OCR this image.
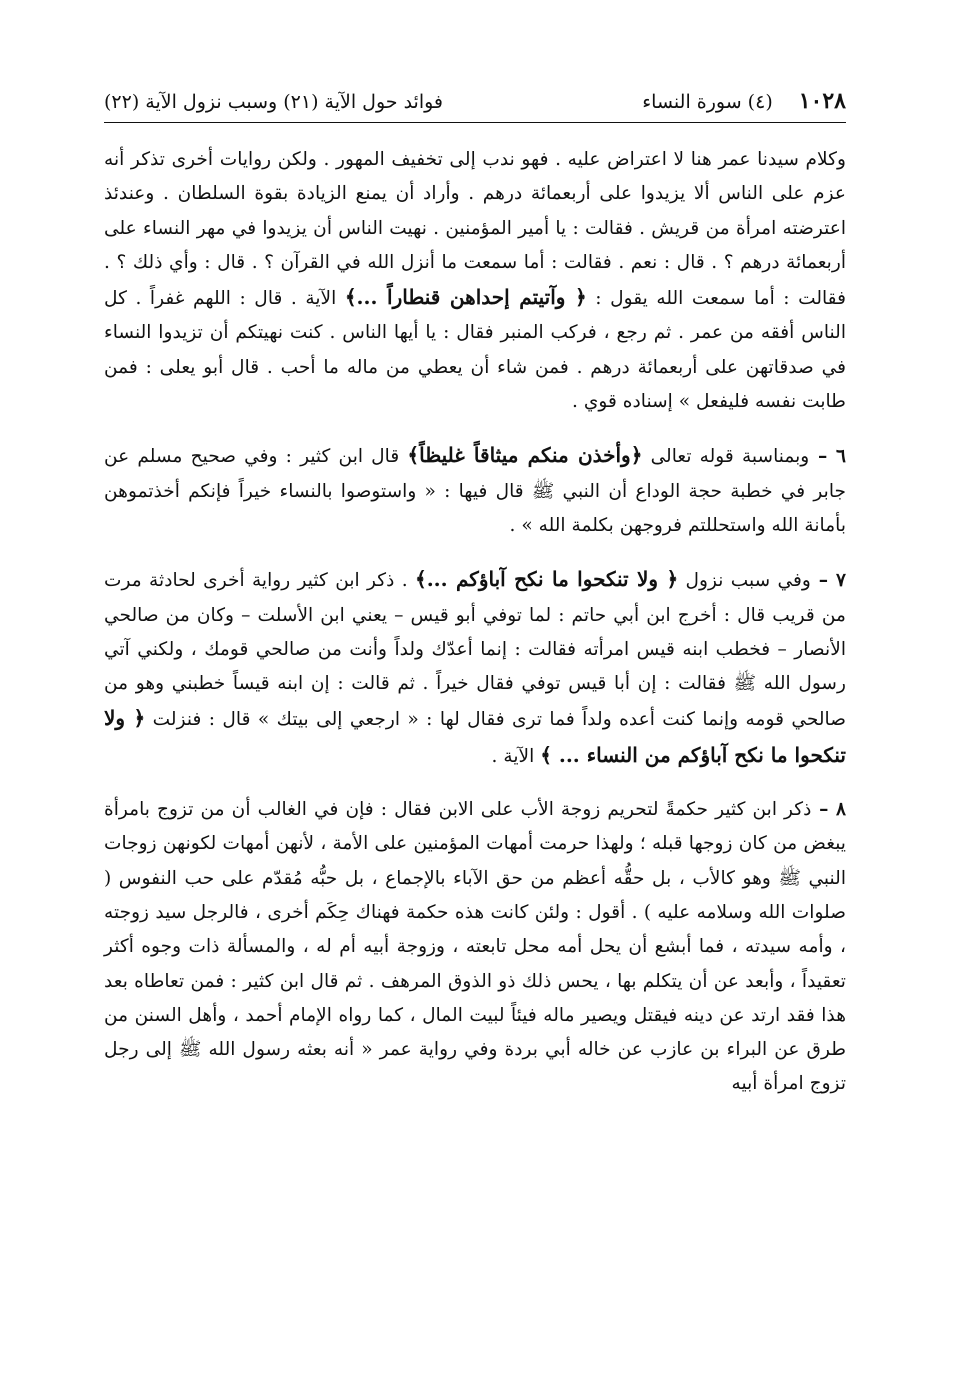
١٠٢٨
(٤) سورة النساء
فوائد حول الآية (٢١) وسبب نزول الآية (٢٢)

وكلام سيدنا عمر هنا لا اعتراض عليه . فهو ندب إلى تخفيف المهور . ولكن روايات أخرى تذكر أنه عزم على الناس ألا يزيدوا على أربعمائة درهم . وأراد أن يمنع الزيادة بقوة السلطان . وعندئذ اعترضته امرأة من قريش . فقالت : يا أمير المؤمنين . نهيت الناس أن يزيدوا في مهر النساء على أربعمائة درهم ؟ . قال : نعم . فقالت : أما سمعت ما أنزل الله في القرآن ؟ . قال : وأي ذلك ؟ . فقالت : أما سمعت الله يقول : ﴿ وآتيتم إحداهن قنطاراً ...﴾ الآية . قال : اللهم غفراً . كل الناس أفقه من عمر . ثم رجع ، فركب المنبر فقال : يا أيها الناس . كنت نهيتكم أن تزيدوا النساء في صدقاتهن على أربعمائة درهم . فمن شاء أن يعطي من ماله ما أحب . قال أبو يعلى : فمن طابت نفسه فليفعل » إسناده قوي .

٦ – وبمناسبة قوله تعالى ﴿وأخذن منكم ميثاقاً غليظاً﴾ قال ابن كثير : وفي صحيح مسلم عن جابر في خطبة حجة الوداع أن النبي ﷺ قال فيها : « واستوصوا بالنساء خيراً فإنكم أخذتموهن بأمانة الله واستحللتم فروجهن بكلمة الله » .

٧ – وفي سبب نزول ﴿ ولا تنكحوا ما نكح آباؤكم ...﴾ . ذكر ابن كثير رواية أخرى لحادثة مرت من قريب قال : أخرج ابن أبي حاتم : لما توفي أبو قيس – يعني ابن الأسلت – وكان من صالحي الأنصار – فخطب ابنه قيس امرأته فقالت : إنما أعدّك ولداً وأنت من صالحي قومك ، ولكني آتي رسول الله ﷺ فقالت : إن أبا قيس توفي فقال خيراً . ثم قالت : إن ابنه قيساً خطبني وهو من صالحي قومه وإنما كنت أعده ولداً فما ترى فقال لها : « ارجعي إلى بيتك » قال : فنزلت ﴿ ولا تنكحوا ما نكح آباؤكم من النساء ... ﴾ الآية .

٨ – ذكر ابن كثير حكمةً لتحريم زوجة الأب على الابن فقال : فإن في الغالب أن من تزوج بامرأة يبغض من كان زوجها قبله ؛ ولهذا حرمت أمهات المؤمنين على الأمة ، لأنهن أمهات لكونهن زوجات النبي ﷺ وهو كالأب ، بل حقُّه أعظم من حق الآباء بالإجماع ، بل حبُّه مُقدّم على حب النفوس ( صلوات الله وسلامه عليه ) . أقول : ولئن كانت هذه حكمة فهناك حِكَم أخرى ، فالرجل سيد زوجته ، وأمه سيدته ، فما أبشع أن يحل أمه محل تابعته ، وزوجة أبيه أم له ، والمسألة ذات وجوه أكثر تعقيداً ، وأبعد عن أن يتكلم بها ، يحس ذلك ذو الذوق المرهف . ثم قال ابن كثير : فمن تعاطاه بعد هذا فقد ارتد عن دينه فيقتل ويصير ماله فيئاً لبيت المال ، كما رواه الإمام أحمد ، وأهل السنن من طرق عن البراء بن عازب عن خاله أبي بردة وفي رواية عمر « أنه بعثه رسول الله ﷺ إلى رجل تزوج امرأة أبيه
